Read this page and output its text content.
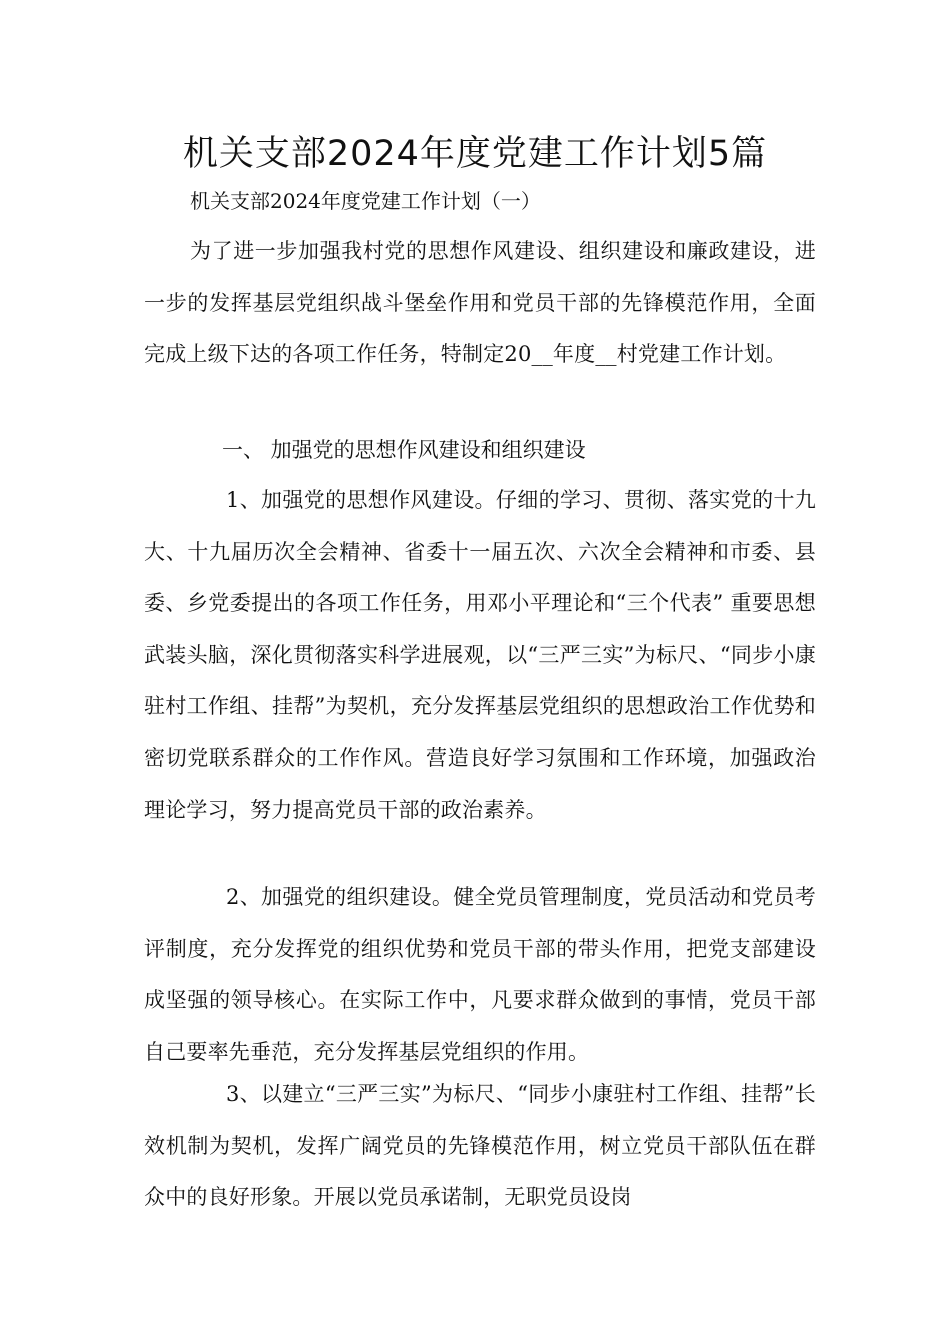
机关支部2024年度党建工作计划5篇

机关支部2024年度党建工作计划（一）

为了进一步加强我村党的思想作风建设、组织建设和廉政建设，进一步的发挥基层党组织战斗堡垒作用和党员干部的先锋模范作用，全面完成上级下达的各项工作任务，特制定20__年度__村党建工作计划。

一、 加强党的思想作风建设和组织建设

1、加强党的思想作风建设。仔细的学习、贯彻、落实党的十九大、十九届历次全会精神、省委十一届五次、六次全会精神和市委、县委、乡党委提出的各项工作任务，用邓小平理论和“三个代表” 重要思想武装头脑，深化贯彻落实科学进展观，以“三严三实”为标尺、“同步小康驻村工作组、挂帮”为契机，充分发挥基层党组织的思想政治工作优势和密切党联系群众的工作作风。营造良好学习氛围和工作环境，加强政治理论学习，努力提高党员干部的政治素养。

2、加强党的组织建设。健全党员管理制度，党员活动和党员考评制度，充分发挥党的组织优势和党员干部的带头作用，把党支部建设成坚强的领导核心。在实际工作中，凡要求群众做到的事情，党员干部自己要率先垂范，充分发挥基层党组织的作用。

3、以建立“三严三实”为标尺、“同步小康驻村工作组、挂帮”长效机制为契机，发挥广阔党员的先锋模范作用，树立党员干部队伍在群众中的良好形象。开展以党员承诺制，无职党员设岗
